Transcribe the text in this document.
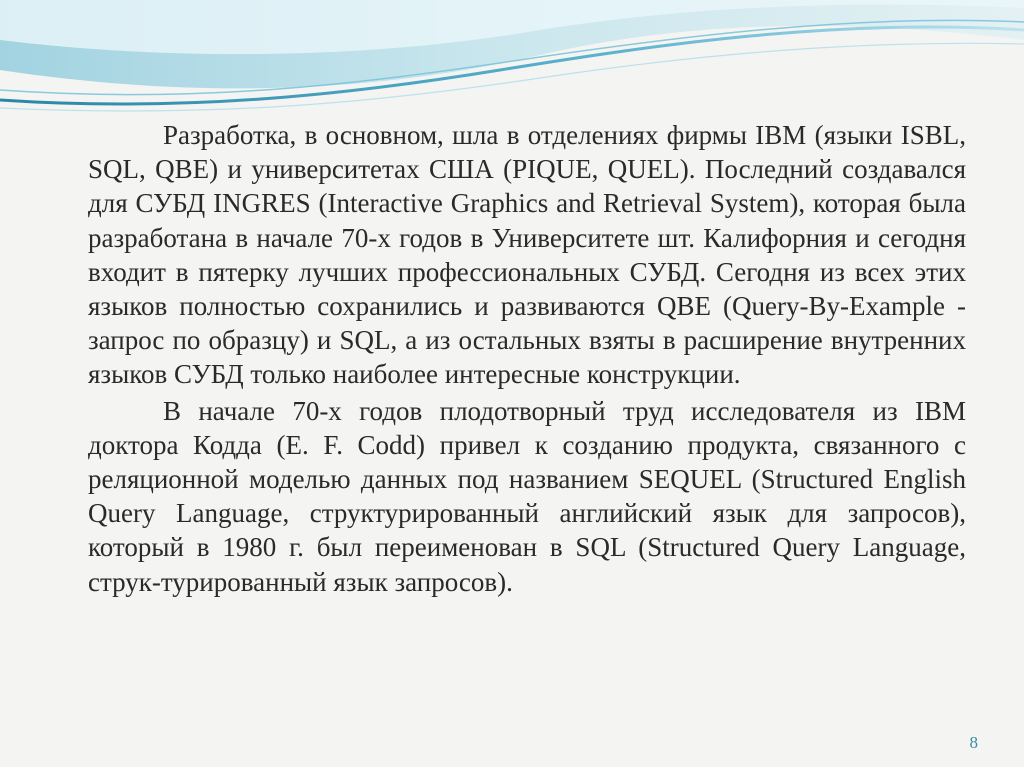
Разработка, в основном, шла в отделениях фирмы IBM (языки ISBL, SQL, QBE) и университетах США (PIQUE, QUEL). Последний создавался для СУБД INGRES (Interactive Graphics and Retrieval System), которая была разработана в начале 70-х годов в Университете шт. Калифорния и сегодня входит в пятерку лучших профессиональных СУБД. Сегодня из всех этих языков полностью сохранились и развиваются QBE (Query-By-Example - запрос по образцу) и SQL, а из остальных взяты в расширение внутренних языков СУБД только наиболее интересные конструкции.

В начале 70-х годов плодотворный труд исследователя из IBM доктора Кодда (E. F. Codd) привел к созданию продукта, связанного с реляционной моделью данных под названием SEQUEL (Structured English Query Language, структурированный английский язык для запросов), который в 1980 г. был переименован в SQL (Structured Query Language, струк-турированный язык запросов).

8
